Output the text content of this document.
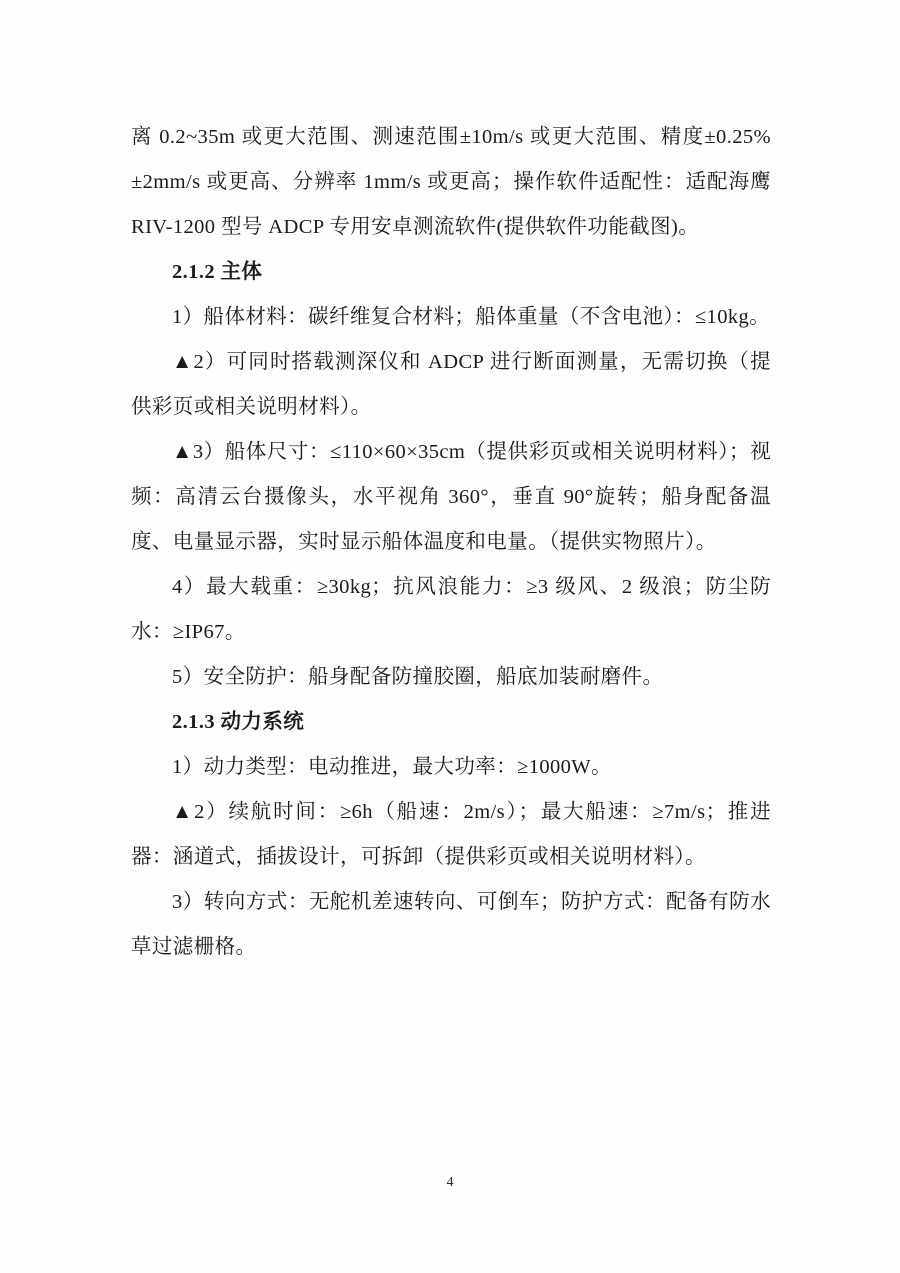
离 0.2~35m 或更大范围、测速范围±10m/s 或更大范围、精度±0.25%±2mm/s 或更高、分辨率 1mm/s 或更高；操作软件适配性：适配海鹰 RIV-1200 型号 ADCP 专用安卓测流软件(提供软件功能截图)。

2.1.2 主体

1）船体材料：碳纤维复合材料；船体重量（不含电池）：≤10kg。

▲2）可同时搭载测深仪和 ADCP 进行断面测量，无需切换（提供彩页或相关说明材料）。

▲3）船体尺寸：≤110×60×35cm（提供彩页或相关说明材料）；视频：高清云台摄像头，水平视角 360°，垂直 90°旋转；船身配备温度、电量显示器，实时显示船体温度和电量。（提供实物照片）。

4）最大载重：≥30kg；抗风浪能力：≥3 级风、2 级浪；防尘防水：≥IP67。

5）安全防护：船身配备防撞胶圈，船底加装耐磨件。

2.1.3 动力系统

1）动力类型：电动推进，最大功率：≥1000W。

▲2）续航时间：≥6h（船速：2m/s）；最大船速：≥7m/s；推进器：涵道式，插拔设计，可拆卸（提供彩页或相关说明材料）。

3）转向方式：无舵机差速转向、可倒车；防护方式：配备有防水草过滤栅格。

4
